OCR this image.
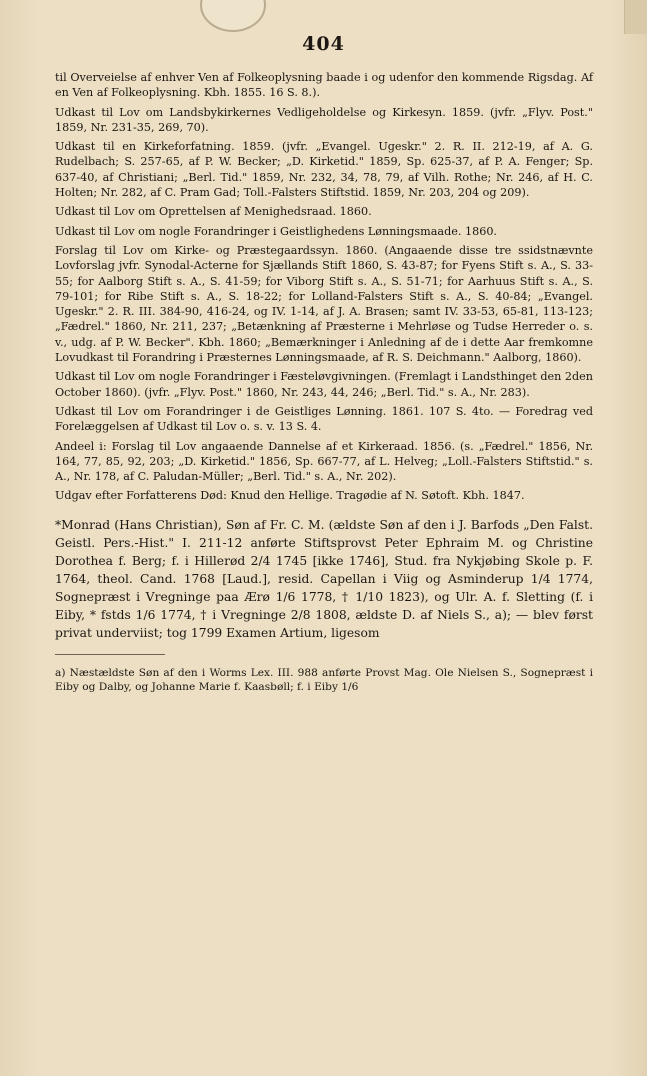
404

til Overveielse af enhver Ven af Folkeoplysning baade i og udenfor den kommende Rigsdag. Af en Ven af Folkeoplysning. Kbh. 1855. 16 S. 8.).

Udkast til Lov om Landsbykirkernes Vedligeholdelse og Kirkesyn. 1859. (jvfr. „Flyv. Post." 1859, Nr. 231-35, 269, 70).

Udkast til en Kirkeforfatning. 1859. (jvfr. „Evangel. Ugeskr." 2. R. II. 212-19, af A. G. Rudelbach; S. 257-65, af P. W. Becker; „D. Kirketid." 1859, Sp. 625-37, af P. A. Fenger; Sp. 637-40, af Christiani; „Berl. Tid." 1859, Nr. 232, 34, 78, 79, af Vilh. Rothe; Nr. 246, af H. C. Holten; Nr. 282, af C. Pram Gad; Toll.-Falsters Stiftstid. 1859, Nr. 203, 204 og 209).

Udkast til Lov om Oprettelsen af Menighedsraad. 1860.

Udkast til Lov om nogle Forandringer i Geistlighedens Lønningsmaade. 1860.

Forslag til Lov om Kirke- og Præstegaardssyn. 1860. (Angaaende disse tre ssidstnævnte Lovforslag jvfr. Synodal-Acterne for Sjællands Stift 1860, S. 43-87; for Fyens Stift s. A., S. 33-55; for Aalborg Stift s. A., S. 41-59; for Viborg Stift s. A., S. 51-71; for Aarhuus Stift s. A., S. 79-101; for Ribe Stift s. A., S. 18-22; for Lolland-Falsters Stift s. A., S. 40-84; „Evangel. Ugeskr." 2. R. III. 384-90, 416-24, og IV. 1-14, af J. A. Brasen; samt IV. 33-53, 65-81, 113-123; „Fædrel." 1860, Nr. 211, 237; „Betænkning af Præsterne i Mehrløse og Tudse Herreder o. s. v., udg. af P. W. Becker". Kbh. 1860; „Bemærkninger i Anledning af de i dette Aar fremkomne Lovudkast til Forandring i Præsternes Lønningsmaade, af R. S. Deichmann." Aalborg, 1860).

Udkast til Lov om nogle Forandringer i Fæsteløvgivningen. (Fremlagt i Landsthinget den 2den October 1860). (jvfr. „Flyv. Post." 1860, Nr. 243, 44, 246; „Berl. Tid." s. A., Nr. 283).

Udkast til Lov om Forandringer i de Geistliges Lønning. 1861. 107 S. 4to. — Foredrag ved Forelæggelsen af Udkast til Lov o. s. v. 13 S. 4.

Andeel i: Forslag til Lov angaaende Dannelse af et Kirkeraad. 1856. (s. „Fædrel." 1856, Nr. 164, 77, 85, 92, 203; „D. Kirketid." 1856, Sp. 667-77, af L. Helveg; „Loll.-Falsters Stiftstid." s. A., Nr. 178, af C. Paludan-Müller; „Berl. Tid." s. A., Nr. 202).

Udgav efter Forfatterens Død: Knud den Hellige. Tragødie af N. Søtoft. Kbh. 1847.

*Monrad (Hans Christian), Søn af Fr. C. M. (ældste Søn af den i J. Barfods „Den Falst. Geistl. Pers.-Hist." I. 211-12 anførte Stiftsprovst Peter Ephraim M. og Christine Dorothea f. Berg; f. i Hillerød 2/4 1745 [ikke 1746], Stud. fra Nykjøbing Skole p. F. 1764, theol. Cand. 1768 [Laud.], resid. Capellan i Viig og Asminderup 1/4 1774, Sognepræst i Vregninge paa Ærø 1/6 1778, † 1/10 1823), og Ulr. A. f. Sletting (f. i Eiby, * fstds 1/6 1774, † i Vregninge 2/8 1808, ældste D. af Niels S., a); — blev først privat underviist; tog 1799 Examen Artium, ligesom

a) Næstældste Søn af den i Worms Lex. III. 988 anførte Provst Mag. Ole Nielsen S., Sognepræst i Eiby og Dalby, og Johanne Marie f. Kaasbøll; f. i Eiby 1/6
